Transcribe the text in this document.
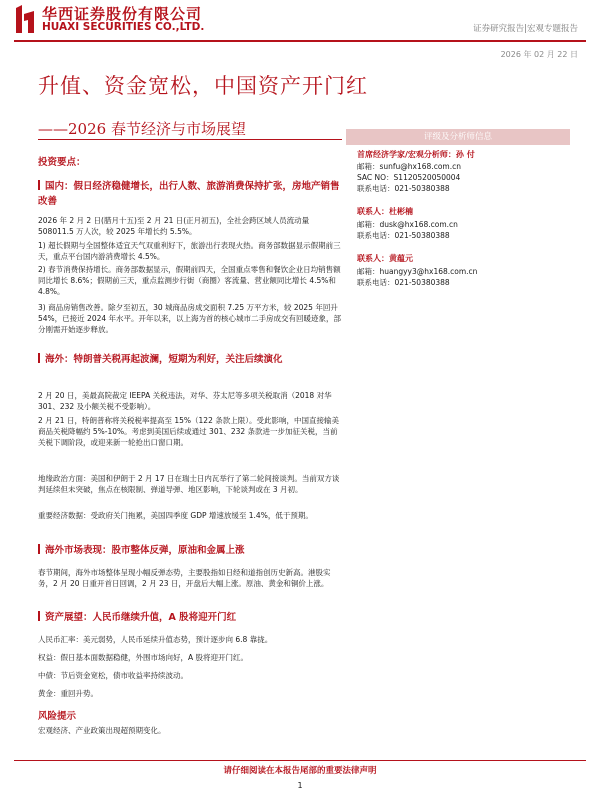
华西证券股份有限公司
HUAXI SECURITIES CO.,LTD.	证券研究报告|宏观专题报告
2026 年 02 月 22 日
升值、资金宽松，中国资产开门红
——2026 春节经济与市场展望	评级及分析师信息
首席经济学家/宏观分析师：孙 付
邮箱：sunfu@hx168.com.cn
SAC NO：S1120520050004
联系电话：021-50380388
联系人：杜彬楠
邮箱：dusk@hx168.com.cn
联系电话：021-50380388
联系人：黄蕴元
邮箱：huangyy3@hx168.com.cn
联系电话：021-50380388
投资要点：
国内：假日经济稳健增长，出行人数、旅游消费保持扩张，房地产销售改善
2026 年 2 月 2 日(腊月十五)至 2 月 21 日(正月初五)，全社会跨区域人员流动量 508011.5 万人次，较 2025 年增长约 5.5%。
1) 超长假期与全国整体适宜天气双重利好下，旅游出行表现火热。商务部数据显示假期前三天，重点平台国内游消费增长 4.5%。
2) 春节消费保持增长。商务部数据显示，假期前四天，全国重点零售和餐饮企业日均销售额同比增长 8.6%；假期前三天，重点监测步行街（商圈）客流量、营业额同比增长 4.5%和 4.8%。
3) 商品房销售改善。除夕至初五，30 城商品房成交面积 7.25 万平方米，较 2025 年回升 54%，已接近 2024 年水平。开年以来，以上海为首的核心城市二手房成交有回暖迹象，部分刚需开始逐步释放。
海外：特朗普关税再起波澜，短期为利好，关注后续演化
2 月 20 日，美最高院裁定 IEEPA 关税违法，对华、芬太尼等多项关税取消（2018 对华 301、232 及小额关税不受影响）。
2 月 21 日，特朗普称将关税税率提高至 15%（122 条款上限）。受此影响，中国直接输美商品关税降幅约 5%-10%。考虑到美国后续或通过 301、232 条款进一步加征关税，当前关税下调阶段，或迎来新一轮抢出口窗口期。
地缘政治方面：美国和伊朗于 2 月 17 日在瑞士日内瓦举行了第二轮间接谈判。当前双方谈判延续但未突破，焦点在核限制、弹道导弹、地区影响，下轮谈判或在 3 月初。
重要经济数据：受政府关门拖累，美国四季度 GDP 增速放缓至 1.4%，低于预期。
海外市场表现：股市整体反弹，原油和金属上涨
春节期间，海外市场整体呈现小幅反弹态势，主要股指如日经和道指创历史新高。港股实务，2 月 20 日重开首日回调，2 月 23 日，开盘后大幅上涨。原油、黄金和铜价上涨。
资产展望：人民币继续升值，A 股将迎开门红
人民币汇率：美元弱势，人民币延续升值态势，预计逐步向 6.8 靠拢。
权益：假日基本面数据稳健，外围市场向好，A 股将迎开门红。
中债：节后资金宽松，债市收益率持续波动。
黄金：重回升势。
风险提示
宏观经济、产业政策出现超预期变化。
请仔细阅读在本报告尾部的重要法律声明
1
